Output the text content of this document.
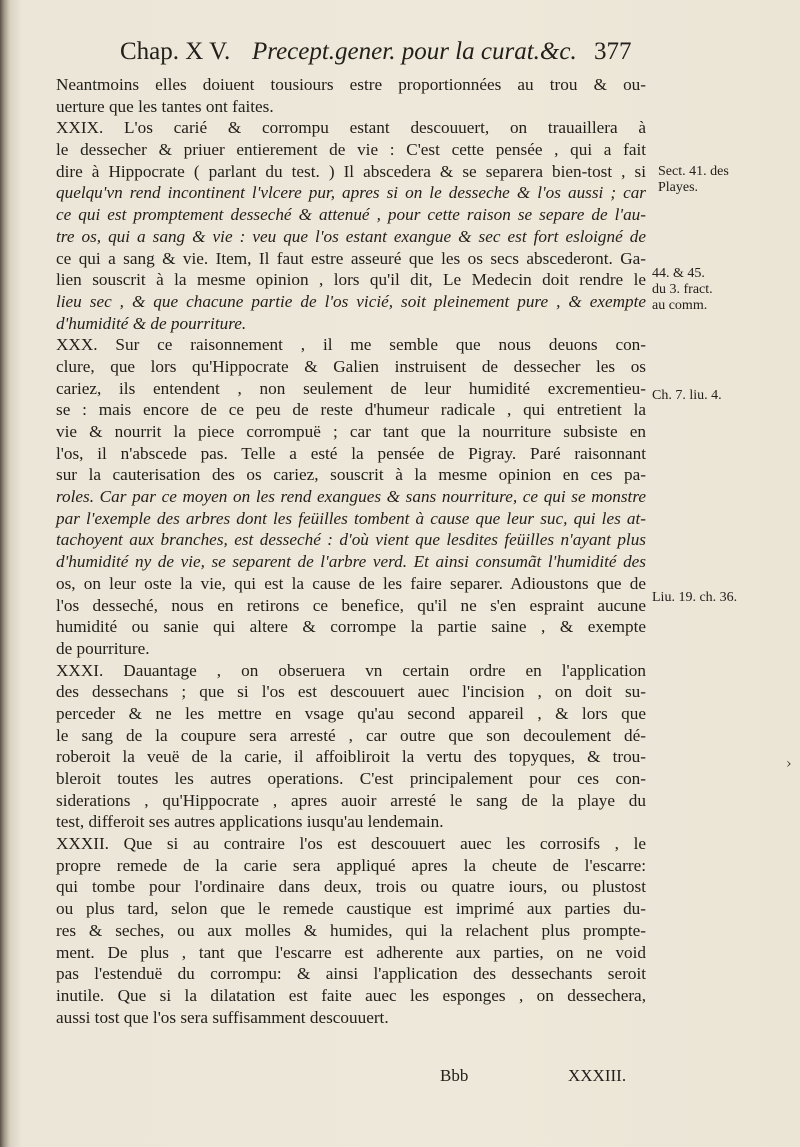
Chap. X V. Precept.gener. pour la curat.&c. 377
Neantmoins elles doiuent tousiours estre proportionnées au trou & ou-
uerture que les tantes ont faites.
XXIX. L'os carié & corrompu estant descouuert, on trauaillera à
le dessecher & priuer entierement de vie : C'est cette pensée , qui a fait
dire à Hippocrate ( parlant du test. ) Il abscedera & se separera bien-tost , si
quelqu'vn rend incontinent l'vlcere pur, apres si on le desseche & l'os aussi ; car
ce qui est promptement desseché & attenué , pour cette raison se separe de l'au-
tre os, qui a sang & vie : veu que l'os estant exangue & sec est fort esloigné de
ce qui a sang & vie. Item, Il faut estre asseuré que les os secs abscederont. Ga-
lien souscrit à la mesme opinion , lors qu'il dit, Le Medecin doit rendre le
lieu sec , & que chacune partie de l'os vicié, soit pleinement pure , & exempte
d'humidité & de pourriture.
XXX. Sur ce raisonnement , il me semble que nous deuons con-
clure, que lors qu'Hippocrate & Galien instruisent de dessecher les os
cariez, ils entendent , non seulement de leur humidité excrementieu-
se : mais encore de ce peu de reste d'humeur radicale , qui entretient la
vie & nourrit la piece corrompuë ; car tant que la nourriture subsiste en
l'os, il n'abscede pas. Telle a esté la pensée de Pigray. Paré raisonnant
sur la cauterisation des os cariez, souscrit à la mesme opinion en ces pa-
roles. Car par ce moyen on les rend exangues & sans nourriture, ce qui se monstre
par l'exemple des arbres dont les feüilles tombent à cause que leur suc, qui les at-
tachoyent aux branches, est desseché : d'où vient que lesdites feüilles n'ayant plus
d'humidité ny de vie, se separent de l'arbre verd. Et ainsi consumãt l'humidité des
os, on leur oste la vie, qui est la cause de les faire separer. Adioustons que de
l'os desseché, nous en retirons ce benefice, qu'il ne s'en espraint aucune
humidité ou sanie qui altere & corrompe la partie saine , & exempte
de pourriture.
XXXI. Dauantage , on obseruera vn certain ordre en l'application
des dessechans ; que si l'os est descouuert auec l'incision , on doit su-
perceder & ne les mettre en vsage qu'au second appareil , & lors que
le sang de la coupure sera arresté , car outre que son decoulement dé-
roberoit la veuë de la carie, il affoibliroit la vertu des topyques, & trou-
bleroit toutes les autres operations. C'est principalement pour ces con-
siderations , qu'Hippocrate , apres auoir arresté le sang de la playe du
test, differoit ses autres applications iusqu'au lendemain.
XXXII. Que si au contraire l'os est descouuert auec les corrosifs , le
propre remede de la carie sera appliqué apres la cheute de l'escarre:
qui tombe pour l'ordinaire dans deux, trois ou quatre iours, ou plustost
ou plus tard, selon que le remede caustique est imprimé aux parties du-
res & seches, ou aux molles & humides, qui la relachent plus prompte-
ment. De plus , tant que l'escarre est adherente aux parties, on ne void
pas l'estenduë du corrompu: & ainsi l'application des dessechants seroit
inutile. Que si la dilatation est faite auec les esponges , on dessechera,
aussi tost que l'os sera suffisamment descouuert.
Sect. 41. des
Playes.
44. & 45.
du 3. fract.
au comm.
Ch. 7. liu. 4.
Liu. 19. ch. 36.
›
Bbb	XXXIII.
